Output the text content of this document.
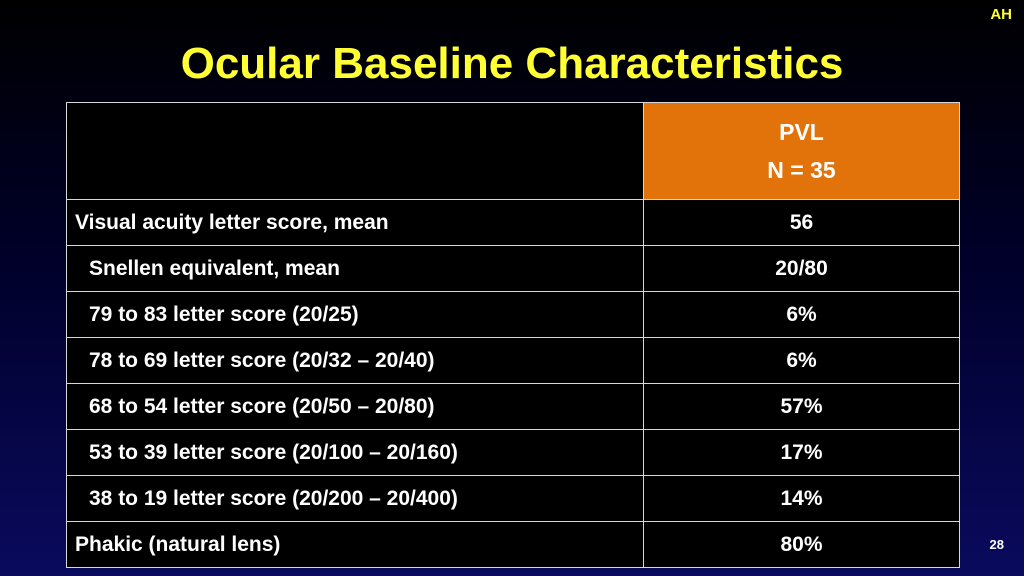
AH
Ocular Baseline Characteristics

	PVL
N = 35

Visual acuity letter score, mean	56
Snellen equivalent, mean	20/80
79 to 83 letter score (20/25)	6%
78 to 69 letter score (20/32 – 20/40)	6%
68 to 54 letter score (20/50 – 20/80)	57%
53 to 39 letter score (20/100 – 20/160)	17%
38 to 19 letter score (20/200 – 20/400)	14%
Phakic (natural lens)	80%	28
